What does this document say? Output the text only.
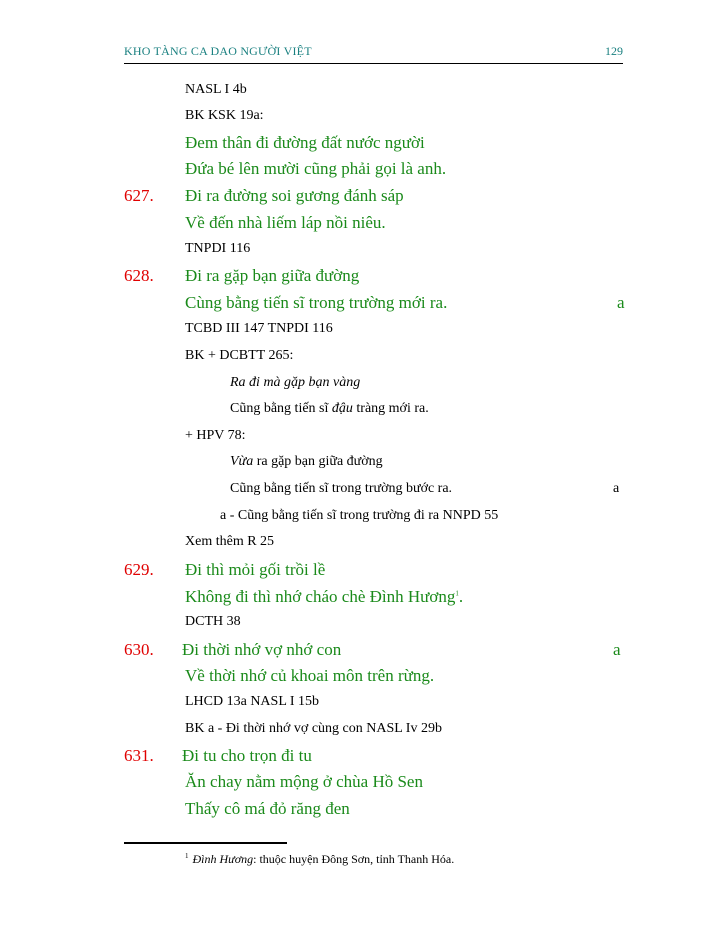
KHO TÀNG CA DAO NGƯỜI VIỆT	129
NASL I 4b
BK KSK 19a:
Đem thân đi đường đất nước người
Đứa bé lên mười cũng phải gọi là anh.
627. Đi ra đường soi gương đánh sáp
Về đến nhà liếm láp nồi niêu.
TNPDI 116
628. Đi ra gặp bạn giữa đường
Cùng bằng tiến sĩ trong trường mới ra.	a
TCBD III 147 TNPDI 116
BK + DCBTT 265:
Ra đi mà gặp bạn vàng
Cũng bằng tiến sĩ đậu tràng mới ra.
+ HPV 78:
Vừa ra gặp bạn giữa đường
Cũng bằng tiến sĩ trong trường bước ra.	a
a - Cũng bằng tiến sĩ trong trường đi ra NNPD 55
Xem thêm R 25
629. Đi thì mỏi gối trồi lề
Không đi thì nhớ cháo chè Đình Hương$^1$.
DCTH 38
630. Đi thời nhớ vợ nhớ con	a
Về thời nhớ củ khoai môn trên rừng.
LHCD 13a NASL I 15b
BK a - Đi thời nhớ vợ cùng con NASL Iv 29b
631. Đi tu cho trọn đi tu
Ăn chay nằm mộng ở chùa Hồ Sen
Thấy cô má đỏ răng đen
$^1$ Đình Hương: thuộc huyện Đông Sơn, tỉnh Thanh Hóa.
